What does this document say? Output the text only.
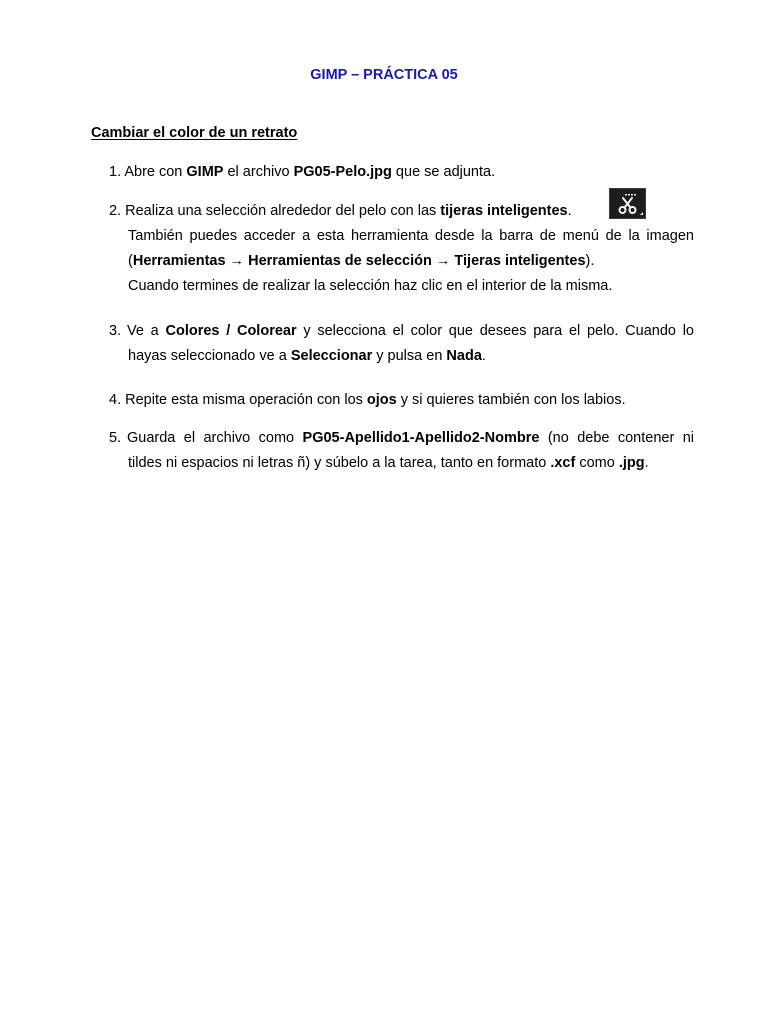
GIMP – PRÁCTICA 05
Cambiar el color de un retrato
1. Abre con GIMP el archivo PG05-Pelo.jpg que se adjunta.
2. Realiza una selección alrededor del pelo con las tijeras inteligentes.
También puedes acceder a esta herramienta desde la barra de menú de la imagen (Herramientas → Herramientas de selección → Tijeras inteligentes).
Cuando termines de realizar la selección haz clic en el interior de la misma.
3. Ve a Colores / Colorear y selecciona el color que desees para el pelo. Cuando lo hayas seleccionado ve a Seleccionar y pulsa en Nada.
4. Repite esta misma operación con los ojos y si quieres también con los labios.
5. Guarda el archivo como PG05-Apellido1-Apellido2-Nombre (no debe contener ni tildes ni espacios ni letras ñ) y súbelo a la tarea, tanto en formato .xcf como .jpg.
